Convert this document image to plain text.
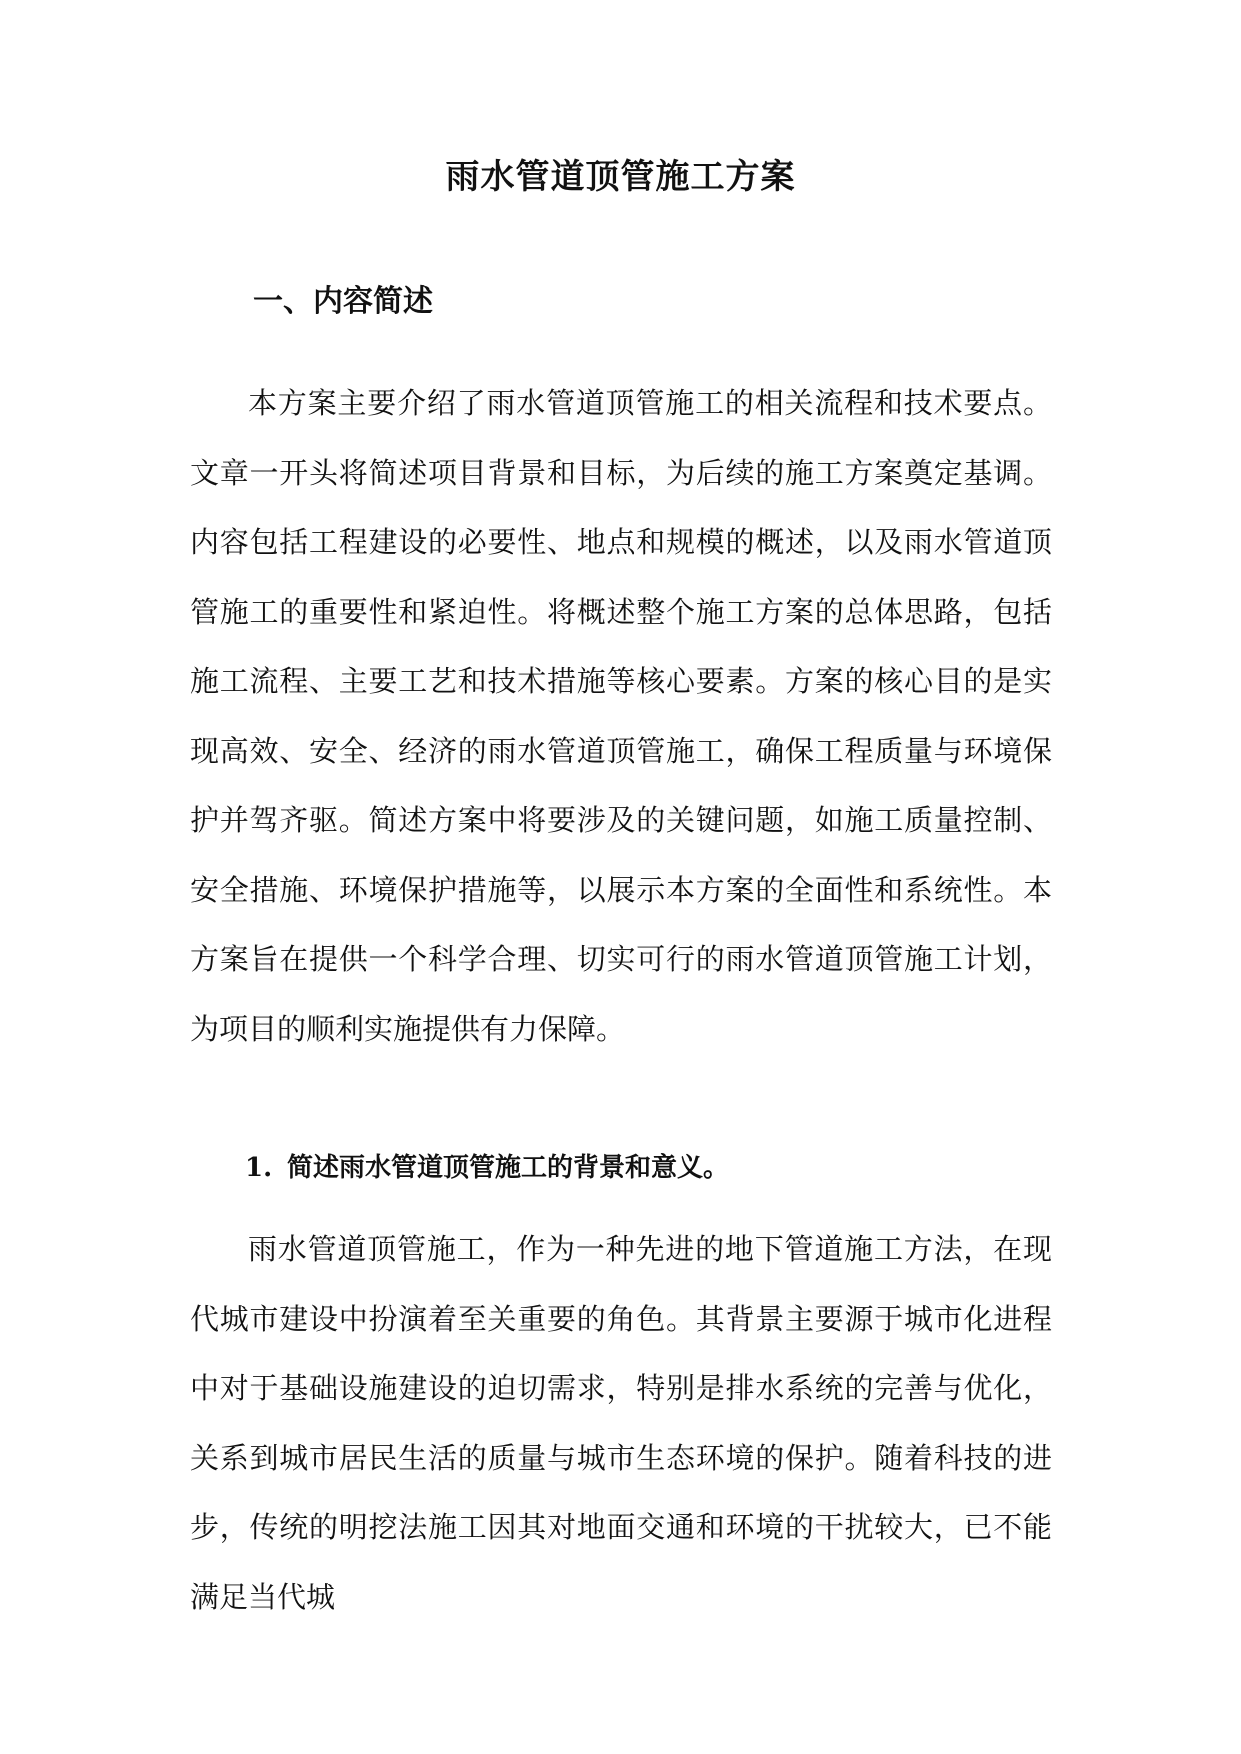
雨水管道顶管施工方案
一、内容简述

本方案主要介绍了雨水管道顶管施工的相关流程和技术要点。文章一开头将简述项目背景和目标，为后续的施工方案奠定基调。内容包括工程建设的必要性、地点和规模的概述，以及雨水管道顶管施工的重要性和紧迫性。将概述整个施工方案的总体思路，包括施工流程、主要工艺和技术措施等核心要素。方案的核心目的是实现高效、安全、经济的雨水管道顶管施工，确保工程质量与环境保护并驾齐驱。简述方案中将要涉及的关键问题，如施工质量控制、安全措施、环境保护措施等，以展示本方案的全面性和系统性。本方案旨在提供一个科学合理、切实可行的雨水管道顶管施工计划，为项目的顺利实施提供有力保障。

1. 简述雨水管道顶管施工的背景和意义。

雨水管道顶管施工，作为一种先进的地下管道施工方法，在现代城市建设中扮演着至关重要的角色。其背景主要源于城市化进程中对于基础设施建设的迫切需求，特别是排水系统的完善与优化，关系到城市居民生活的质量与城市生态环境的保护。随着科技的进步，传统的明挖法施工因其对地面交通和环境的干扰较大，已不能满足当代城
